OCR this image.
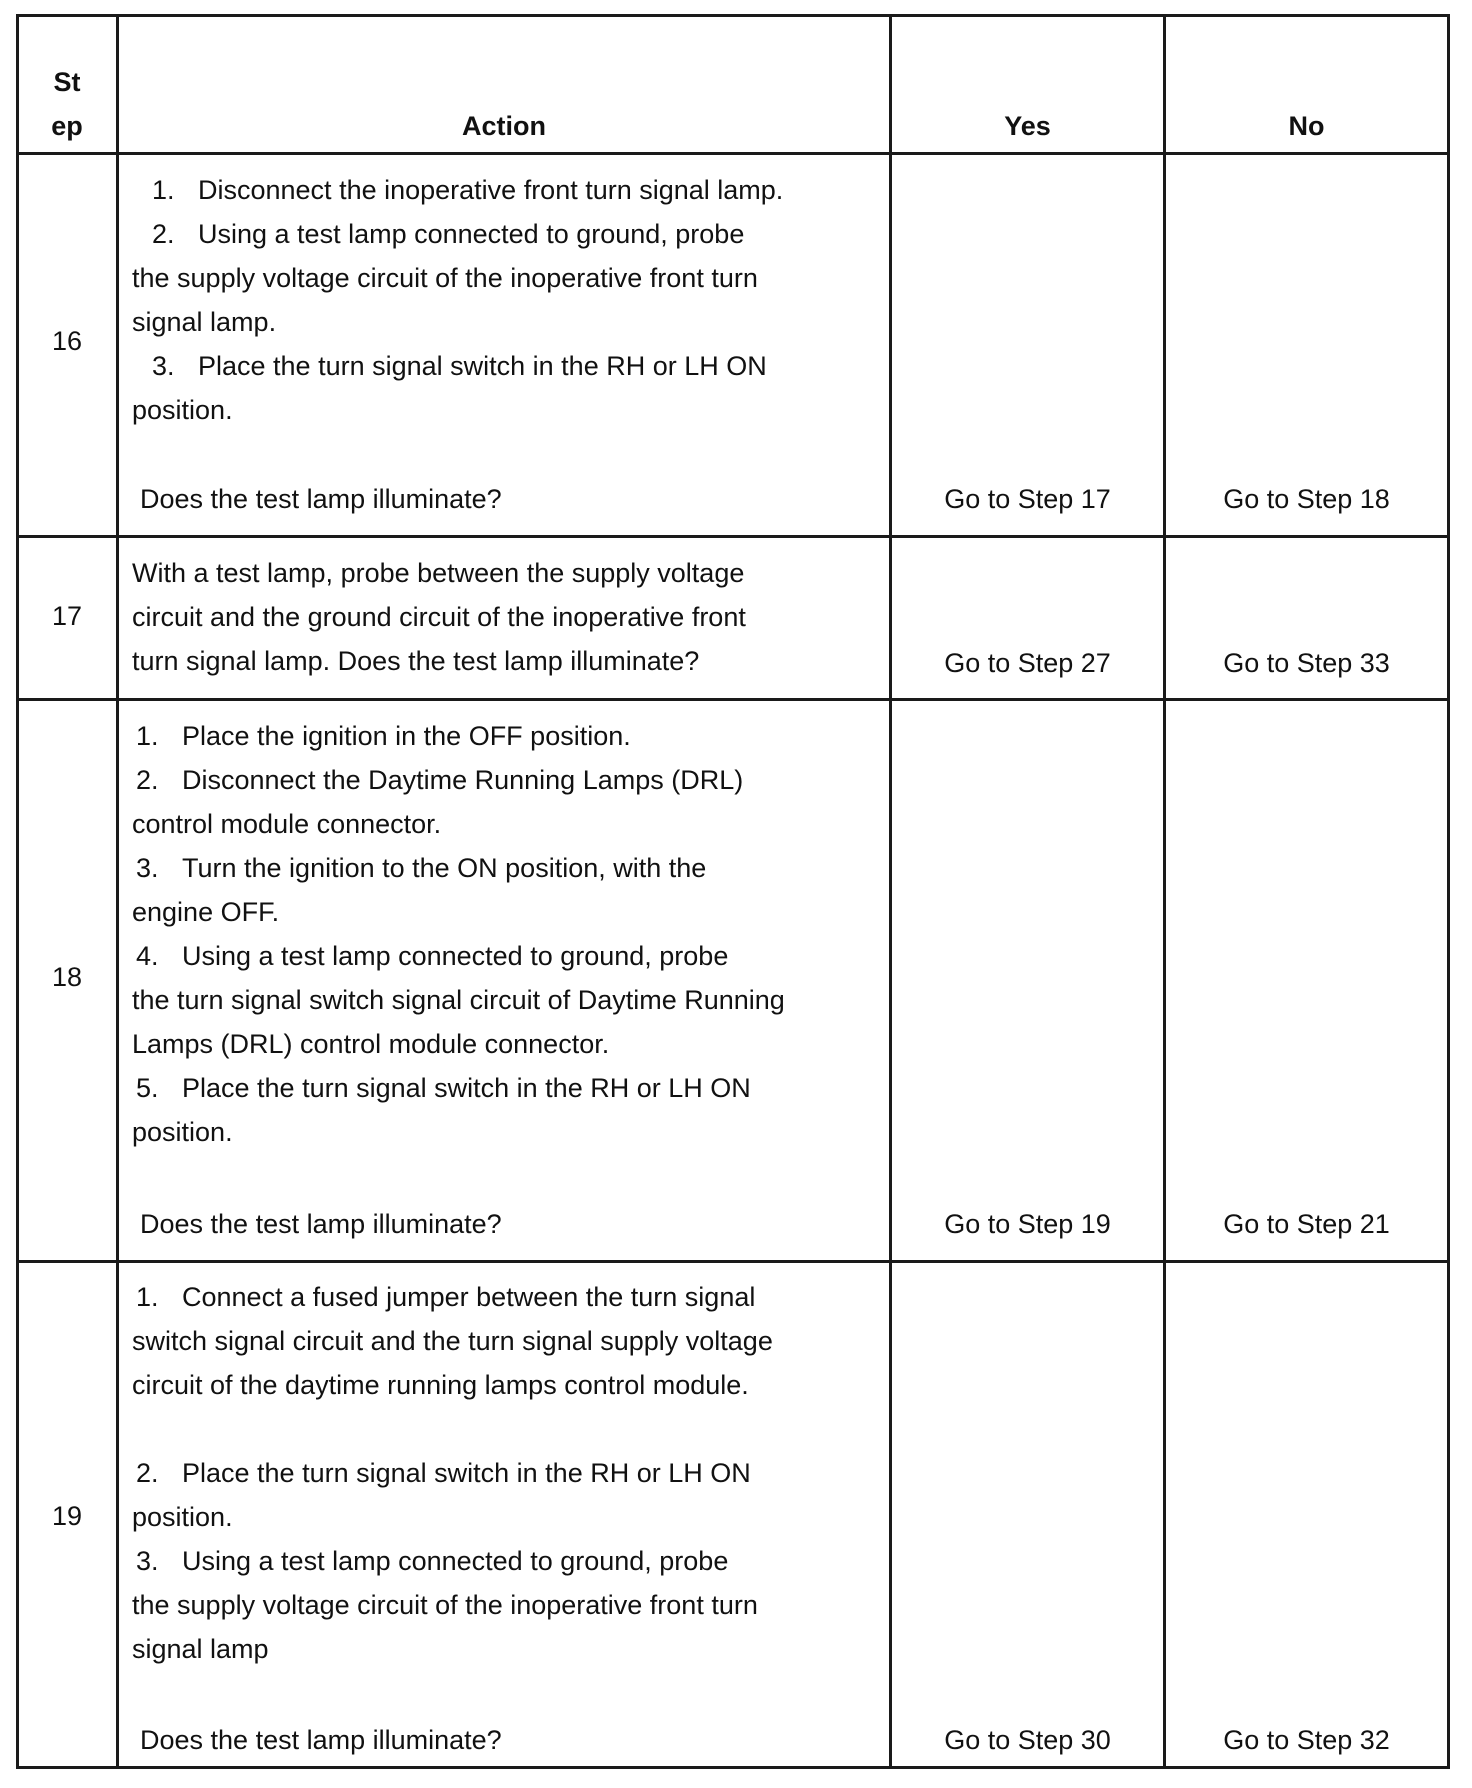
St
ep	Action	Yes	No
16
1. Disconnect the inoperative front turn signal lamp.
2. Using a test lamp connected to ground, probe
the supply voltage circuit of the inoperative front turn
signal lamp.
3. Place the turn signal switch in the RH or LH ON
position.
Does the test lamp illuminate?	Go to Step 17	Go to Step 18
17
With a test lamp, probe between the supply voltage
circuit and the ground circuit of the inoperative front
turn signal lamp. Does the test lamp illuminate?	Go to Step 27	Go to Step 33
18
1. Place the ignition in the OFF position.
2. Disconnect the Daytime Running Lamps (DRL)
control module connector.
3. Turn the ignition to the ON position, with the
engine OFF.
4. Using a test lamp connected to ground, probe
the turn signal switch signal circuit of Daytime Running
Lamps (DRL) control module connector.
5. Place the turn signal switch in the RH or LH ON
position.
Does the test lamp illuminate?	Go to Step 19	Go to Step 21
19
1. Connect a fused jumper between the turn signal
switch signal circuit and the turn signal supply voltage
circuit of the daytime running lamps control module.
2. Place the turn signal switch in the RH or LH ON
position.
3. Using a test lamp connected to ground, probe
the supply voltage circuit of the inoperative front turn
signal lamp
Does the test lamp illuminate?	Go to Step 30	Go to Step 32
